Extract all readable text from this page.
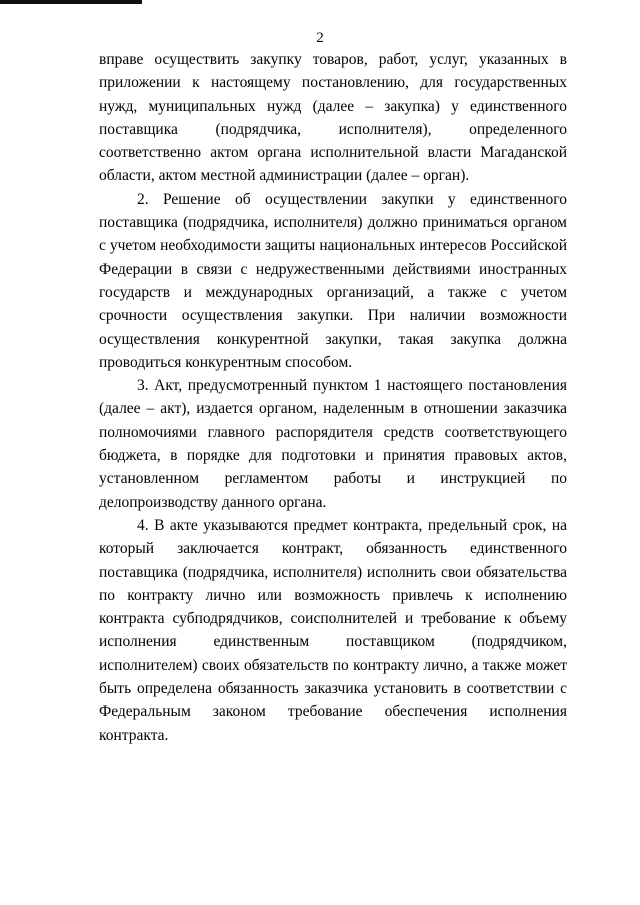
2

вправе осуществить закупку товаров, работ, услуг, указанных в приложении к настоящему постановлению, для государственных нужд, муниципальных нужд (далее – закупка) у единственного поставщика (подрядчика, исполнителя), определенного соответственно актом органа исполнительной власти Магаданской области, актом местной администрации (далее – орган).

2. Решение об осуществлении закупки у единственного поставщика (подрядчика, исполнителя) должно приниматься органом с учетом необходимости защиты национальных интересов Российской Федерации в связи с недружественными действиями иностранных государств и международных организаций, а также с учетом срочности осуществления закупки. При наличии возможности осуществления конкурентной закупки, такая закупка должна проводиться конкурентным способом.

3. Акт, предусмотренный пунктом 1 настоящего постановления (далее – акт), издается органом, наделенным в отношении заказчика полномочиями главного распорядителя средств соответствующего бюджета, в порядке для подготовки и принятия правовых актов, установленном регламентом работы и инструкцией по делопроизводству данного органа.

4. В акте указываются предмет контракта, предельный срок, на который заключается контракт, обязанность единственного поставщика (подрядчика, исполнителя) исполнить свои обязательства по контракту лично или возможность привлечь к исполнению контракта субподрядчиков, соисполнителей и требование к объему исполнения единственным поставщиком (подрядчиком, исполнителем) своих обязательств по контракту лично, а также может быть определена обязанность заказчика установить в соответствии с Федеральным законом требование обеспечения исполнения контракта.
